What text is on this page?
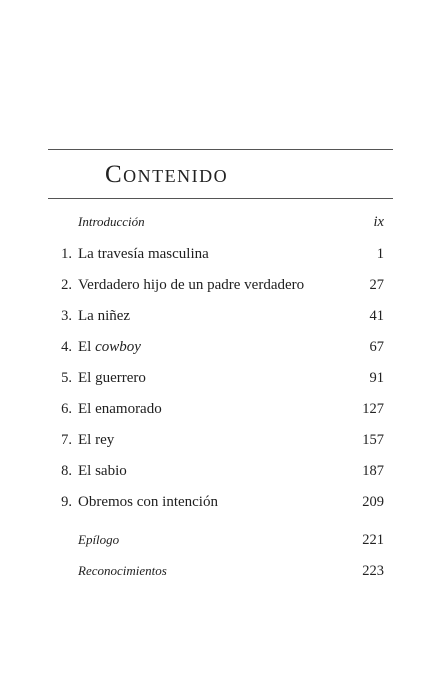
Contenido
Introducción	ix
1. La travesía masculina	1
2. Verdadero hijo de un padre verdadero	27
3. La niñez	41
4. El cowboy	67
5. El guerrero	91
6. El enamorado	127
7. El rey	157
8. El sabio	187
9. Obremos con intención	209
Epílogo	221
Reconocimientos	223
